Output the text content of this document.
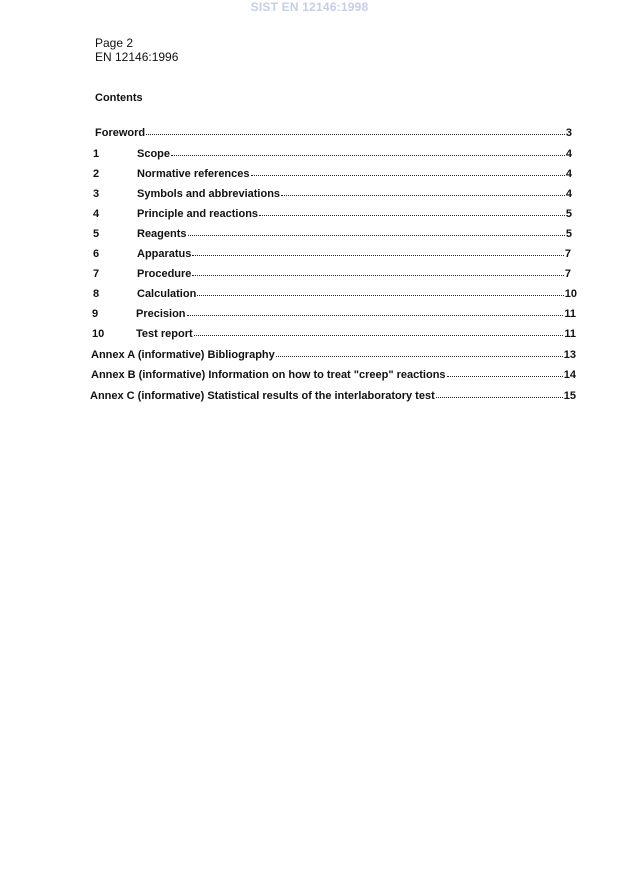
SIST EN 12146:1998
Page 2
EN 12146:1996
Contents
Foreword	3
1	Scope	4
2	Normative references	4
3	Symbols and abbreviations	4
4	Principle and reactions	5
5	Reagents	5
6	Apparatus	7
7	Procedure	7
8	Calculation	10
9	Precision	11
10	Test report	11
Annex A (informative) Bibliography	13
Annex B (informative) Information on how to treat "creep" reactions	14
Annex C (informative) Statistical results of the interlaboratory test	15
